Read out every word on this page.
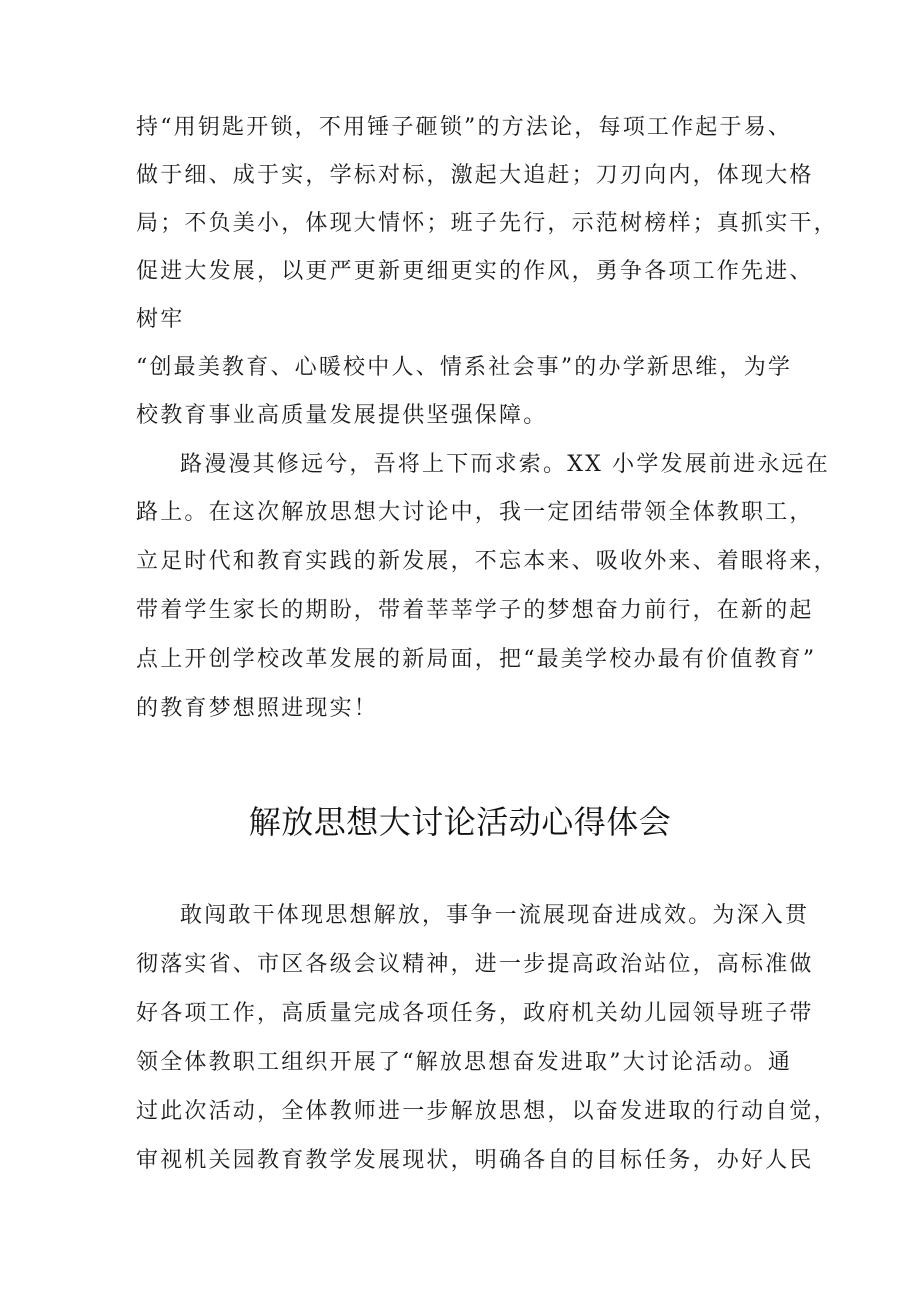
持“用钥匙开锁，不用锤子砸锁”的方法论，每项工作起于易、
做于细、成于实，学标对标，激起大追赶；刀刃向内，体现大格
局；不负美小，体现大情怀；班子先行，示范树榜样；真抓实干，
促进大发展，以更严更新更细更实的作风，勇争各项工作先进、
树牢
“创最美教育、心暖校中人、情系社会事”的办学新思维，为学
校教育事业高质量发展提供坚强保障。
路漫漫其修远兮，吾将上下而求索。XX 小学发展前进永远在
路上。在这次解放思想大讨论中，我一定团结带领全体教职工，
立足时代和教育实践的新发展，不忘本来、吸收外来、着眼将来，
带着学生家长的期盼，带着莘莘学子的梦想奋力前行，在新的起
点上开创学校改革发展的新局面，把“最美学校办最有价值教育”
的教育梦想照进现实！
解放思想大讨论活动心得体会
敢闯敢干体现思想解放，事争一流展现奋进成效。为深入贯
彻落实省、市区各级会议精神，进一步提高政治站位，高标准做
好各项工作，高质量完成各项任务，政府机关幼儿园领导班子带
领全体教职工组织开展了“解放思想奋发进取”大讨论活动。通
过此次活动，全体教师进一步解放思想，以奋发进取的行动自觉，
审视机关园教育教学发展现状，明确各自的目标任务，办好人民
